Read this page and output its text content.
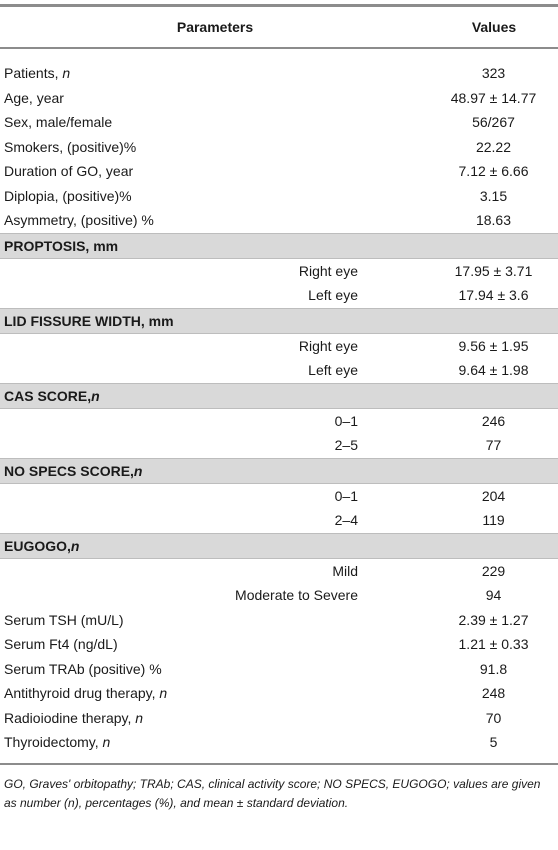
Parameters	Values
Patients, n	323
Age, year	48.97 ± 14.77
Sex, male/female	56/267
Smokers, (positive)%	22.22
Duration of GO, year	7.12 ± 6.66
Diplopia, (positive)%	3.15
Asymmetry, (positive) %	18.63
PROPTOSIS, mm
Right eye	17.95 ± 3.71
Left eye	17.94 ± 3.6
LID FISSURE WIDTH, mm
Right eye	9.56 ± 1.95
Left eye	9.64 ± 1.98
CAS SCORE, n
0–1	246
2–5	77
NO SPECS SCORE, n
0–1	204
2–4	119
EUGOGO, n
Mild	229
Moderate to Severe	94
Serum TSH (mU/L)	2.39 ± 1.27
Serum Ft4 (ng/dL)	1.21 ± 0.33
Serum TRAb (positive) %	91.8
Antithyroid drug therapy, n	248
Radioiodine therapy, n	70
Thyroidectomy, n	5
GO, Graves' orbitopathy; TRAb; CAS, clinical activity score; NO SPECS, EUGOGO; values are given as number (n), percentages (%), and mean ± standard deviation.
